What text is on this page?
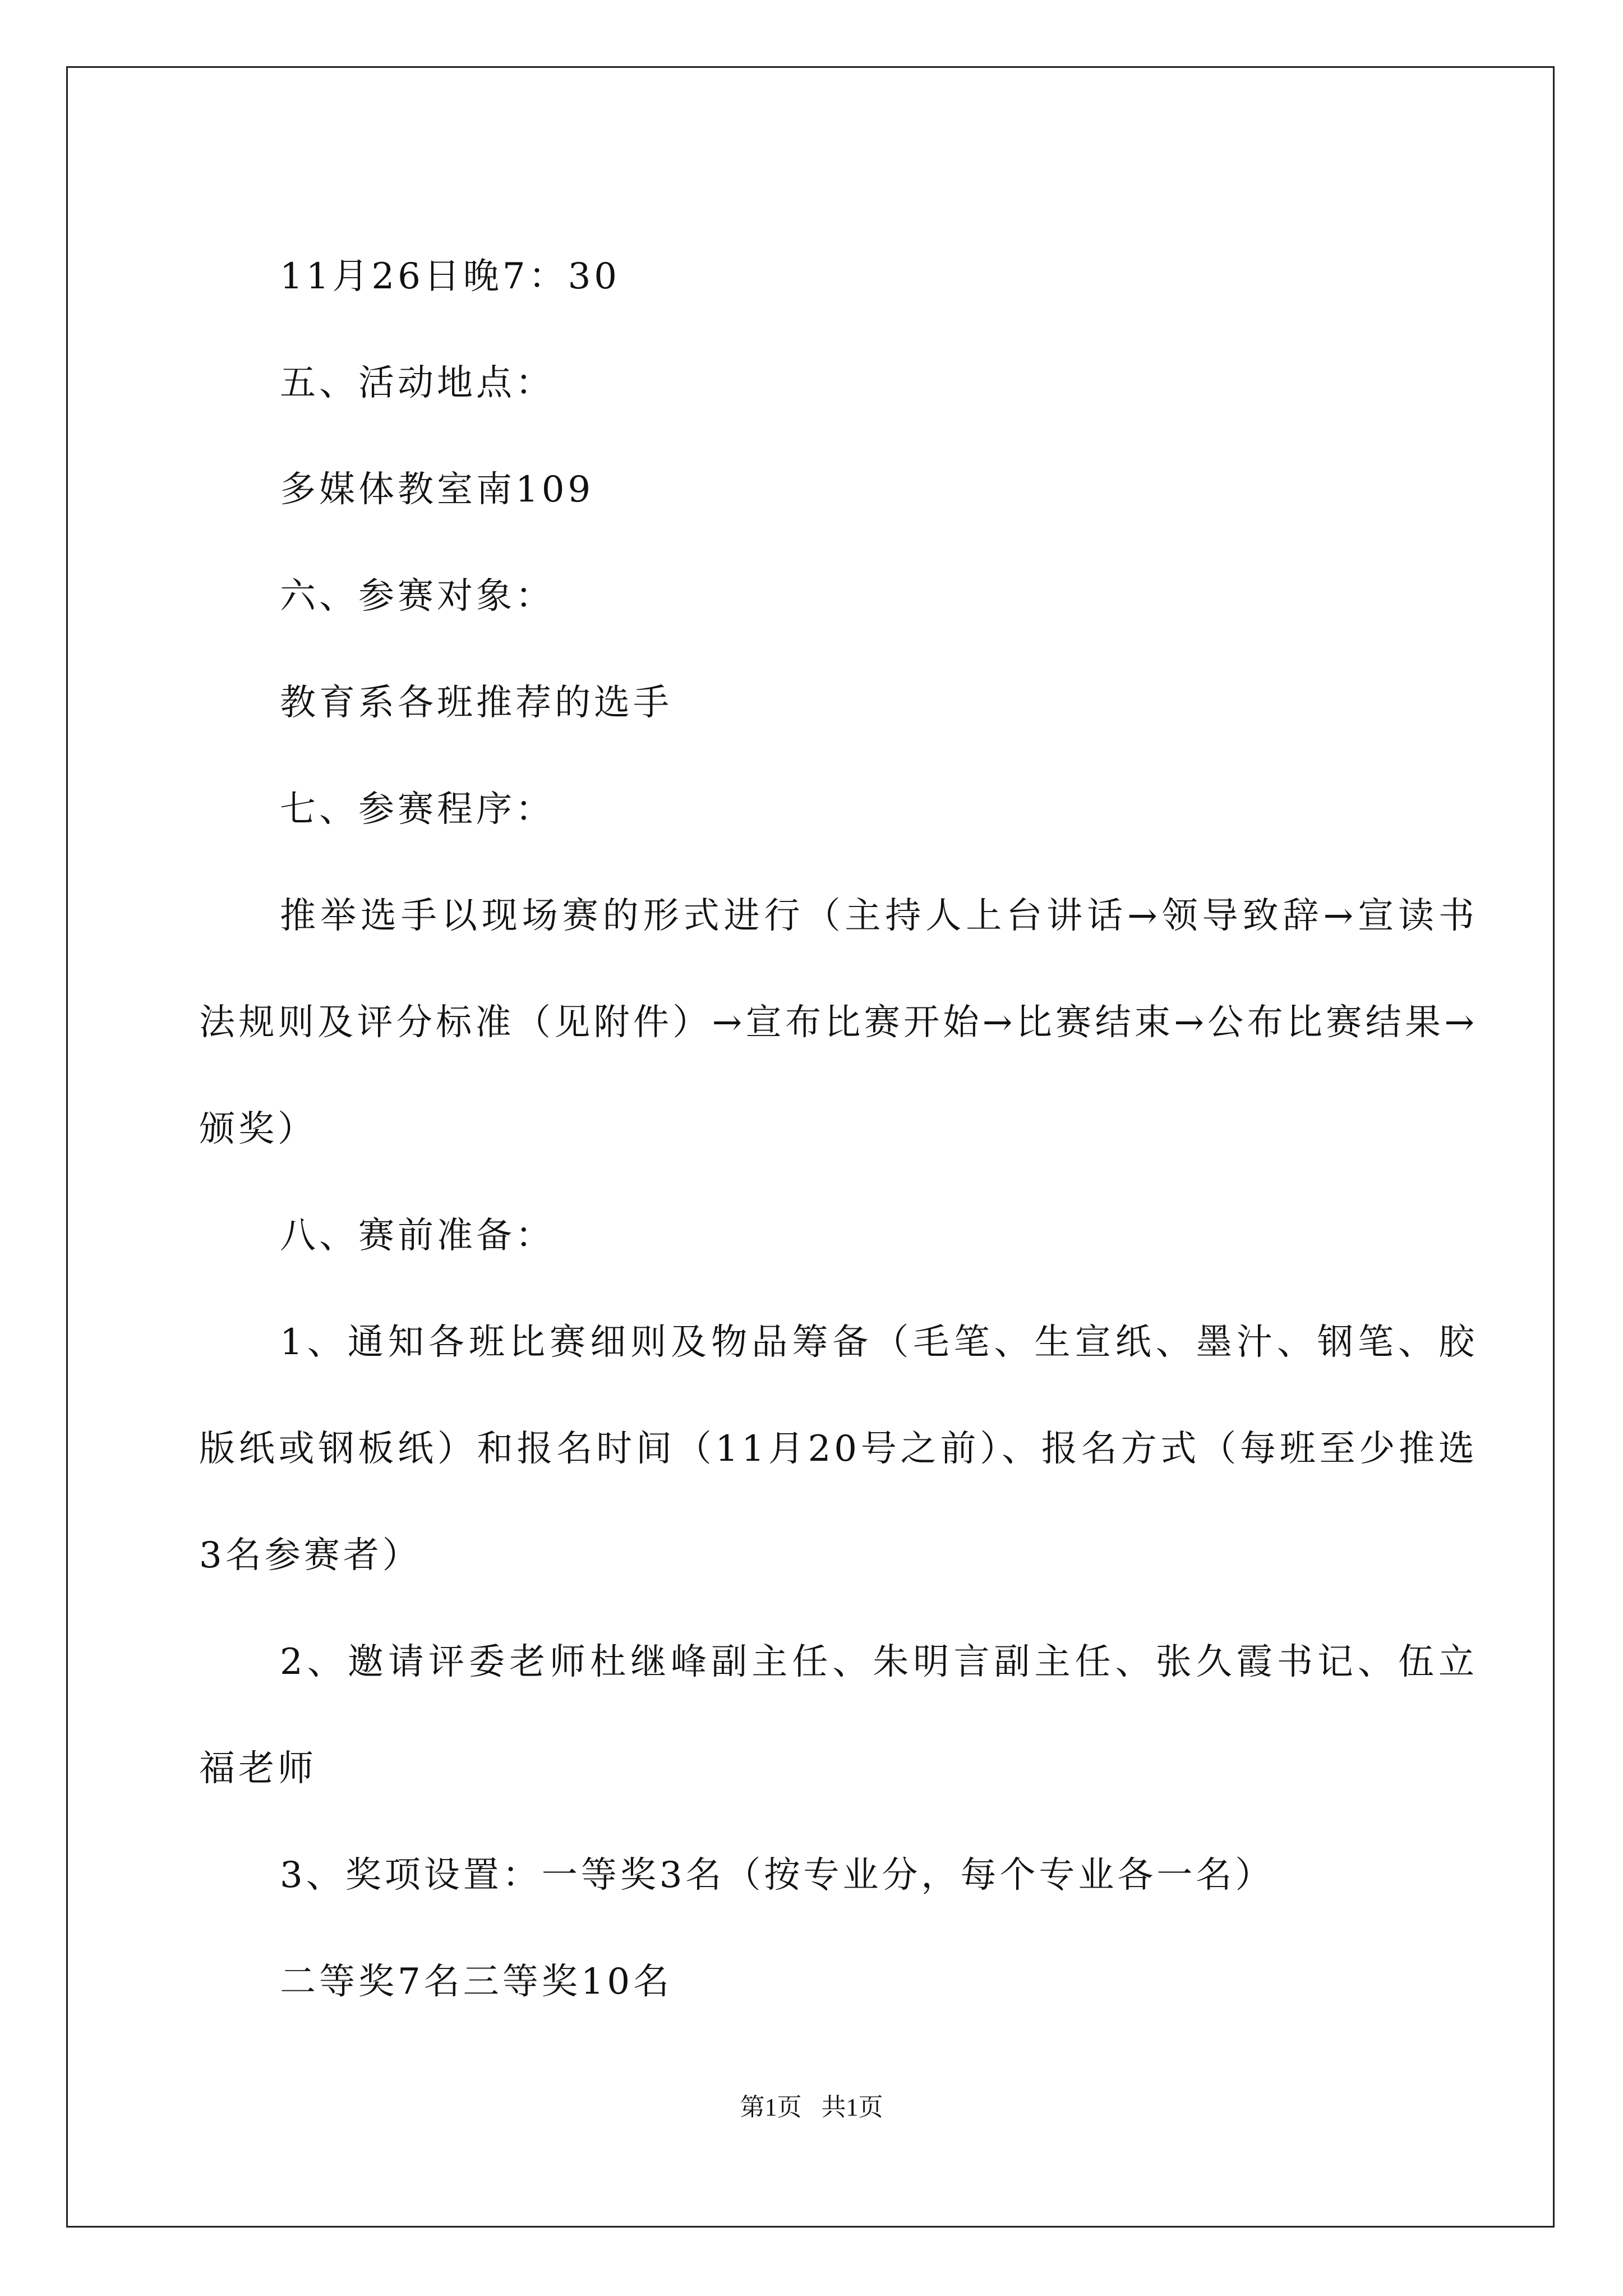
11月26日晚7：30

五、活动地点：

多媒体教室南109

六、参赛对象：

教育系各班推荐的选手

七、参赛程序：

推举选手以现场赛的形式进行（主持人上台讲话→领导致辞→宣读书法规则及评分标准（见附件）→宣布比赛开始→比赛结束→公布比赛结果→颁奖）

八、赛前准备：

1、通知各班比赛细则及物品筹备（毛笔、生宣纸、墨汁、钢笔、胶版纸或钢板纸）和报名时间（11月20号之前）、报名方式（每班至少推选3名参赛者）

2、邀请评委老师杜继峰副主任、朱明言副主任、张久霞书记、伍立福老师

3、奖项设置：一等奖3名（按专业分，每个专业各一名）

二等奖7名三等奖10名

第1页 共1页
